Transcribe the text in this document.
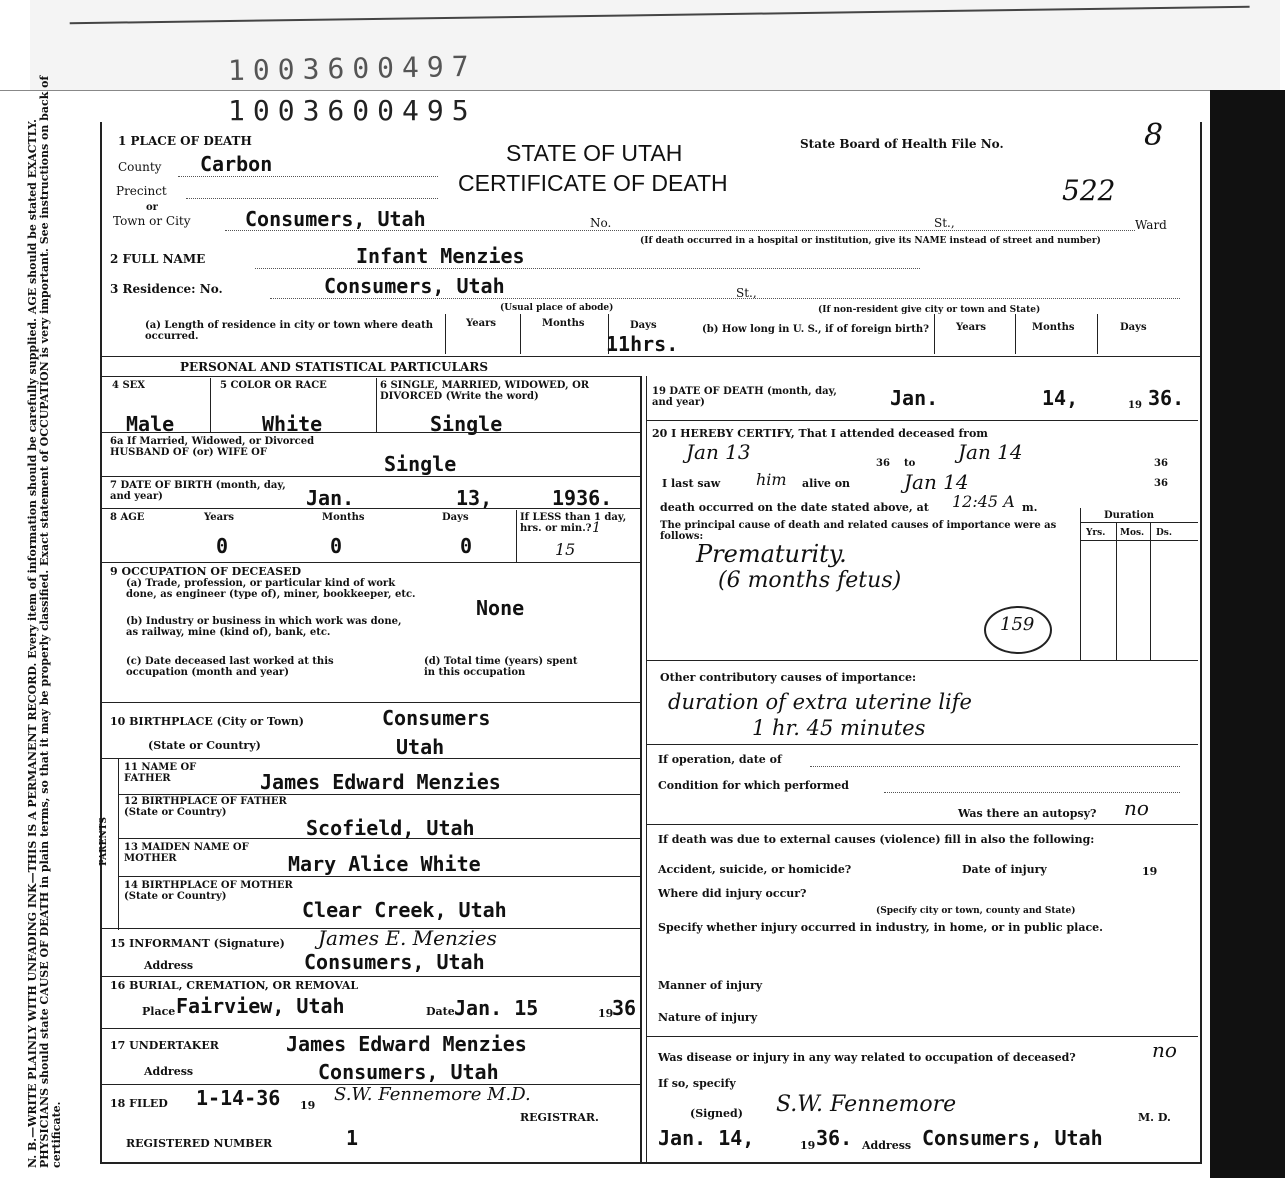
1003600497
1003600495
N. B.—WRITE PLAINLY WITH UNFADING INK—THIS IS A PERMANENT RECORD. Every item of information should be carefully supplied. AGE should be stated EXACTLY. PHYSICIANS should state CAUSE OF DEATH in plain terms, so that it may be properly classified. Exact statement of OCCUPATION is very important. See instructions on back of certificate.
1 PLACE OF DEATH
County Carbon
Precinct
or
Town or City	Consumers, Utah	No.	St.,	Ward
(If death occurred in a hospital or institution, give its NAME instead of street and number)
STATE OF UTAH
CERTIFICATE OF DEATH
State Board of Health File No.	8
522
2 FULL NAME	Infant Menzies
3 Residence: No.	Consumers, Utah	St.,
(Usual place of abode)	(If non-resident give city or town and State)
(a) Length of residence in city or town where death occurred.
Years	Months	Days
11hrs.
(b) How long in U. S., if of foreign birth?	Years	Months	Days
PERSONAL AND STATISTICAL PARTICULARS
4 SEX	5 COLOR OR RACE	6 SINGLE, MARRIED, WIDOWED, OR DIVORCED (Write the word)
Male	White	Single
6a If Married, Widowed, or Divorced HUSBAND OF (or) WIFE OF	Single
7 DATE OF BIRTH (month, day, and year)	Jan.	13,	1936.
8 AGE	Years	Months	Days
0	0	0
If LESS than 1 day, hrs. or min.? 1
15
9 OCCUPATION OF DECEASED
(a) Trade, profession, or particular kind of work done, as engineer (type of), miner, bookkeeper, etc.
None
(b) Industry or business in which work was done, as railway, mine (kind of), bank, etc.
(c) Date deceased last worked at this occupation (month and year)
(d) Total time (years) spent in this occupation
10 BIRTHPLACE (City or Town)	Consumers
(State or Country)	Utah
PARENTS
11 NAME OF FATHER	James Edward Menzies
12 BIRTHPLACE OF FATHER (State or Country)
Scofield, Utah
13 MAIDEN NAME OF MOTHER	Mary Alice White
14 BIRTHPLACE OF MOTHER (State or Country)
Clear Creek, Utah
15 INFORMANT (Signature) James E. Menzies
Address	Consumers, Utah
16 BURIAL, CREMATION, OR REMOVAL
Place Fairview, Utah	Date Jan. 15	19
36
17 UNDERTAKER	James Edward Menzies
Address	Consumers, Utah
18 FILED 1-14-36 19
S.W. Fennemore M.D.
REGISTRAR.
REGISTERED NUMBER	1
19 DATE OF DEATH (month, day, and year)	Jan.	14,	19 36.
20 I HEREBY CERTIFY, That I attended deceased from
Jan 13	36 to Jan 14	36
I last saw him alive on	Jan 14	36
death occurred on the date stated above, at 12:45 A m.
The principal cause of death and related causes of importance were as follows:
Duration
Yrs. Mos. Ds.
Prematurity.
(6 months fetus)
159
Other contributory causes of importance:
duration of extra uterine life
1 hr. 45 minutes
If operation, date of
Condition for which performed
Was there an autopsy? no
If death was due to external causes (violence) fill in also the following:
Accident, suicide, or homicide?	Date of injury	19
Where did injury occur?
(Specify city or town, county and State)
Specify whether injury occurred in industry, in home, or in public place.
Manner of injury
Nature of injury
Was disease or injury in any way related to occupation of deceased?	no
If so, specify
(Signed) S.W. Fennemore
M. D.
Jan. 14,	19 36. Address Consumers, Utah
